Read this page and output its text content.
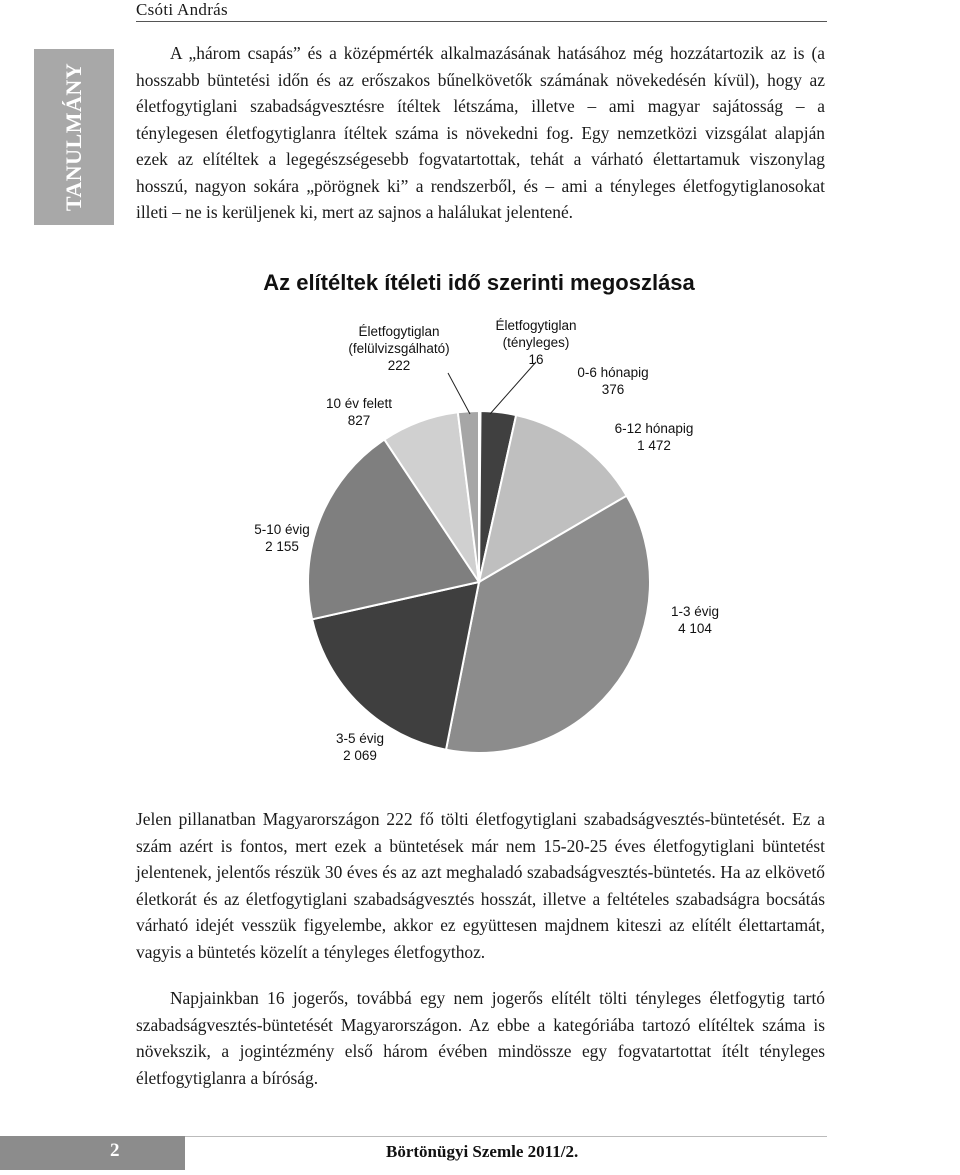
Csóti András
TANULMÁNY

A „három csapás” és a középmérték alkalmazásának hatásához még hozzátartozik az is (a hosszabb büntetési időn és az erőszakos bűnelkövetők számának növekedésén kívül), hogy az életfogytiglani szabadságvesztésre ítéltek létszáma, illetve – ami magyar sajátosság – a ténylegesen életfogytiglanra ítéltek száma is növekedni fog. Egy nemzetközi vizsgálat alapján ezek az elítéltek a legegészségesebb fogvatartottak, tehát a várható élettartamuk viszonylag hosszú, nagyon sokára „pörögnek ki” a rendszerből, és – ami a tényleges életfogytiglanosokat illeti – ne is kerüljenek ki, mert az sajnos a halálukat jelentené.

Az elítéltek ítéleti idő szerinti megoszlása
Életfogytiglan
(tényleges)
16
0-6 hónapig
376
6-12 hónapig
1 472
1-3 évig
4 104
3-5 évig
2 069
5-10 évig
2 155
10 év felett
827
Életfogytiglan
(felülvizsgálható)
222

Jelen pillanatban Magyarországon 222 fő tölti életfogytiglani szabadságvesztés-büntetését. Ez a szám azért is fontos, mert ezek a büntetések már nem 15-20-25 éves életfogytiglani büntetést jelentenek, jelentős részük 30 éves és az azt meghaladó szabadságvesztés-büntetés. Ha az elkövető életkorát és az életfogytiglani szabadságvesztés hosszát, illetve a feltételes szabadságra bocsátás várható idejét vesszük figyelembe, akkor ez együttesen majdnem kiteszi az elítélt élettartamát, vagyis a büntetés közelít a tényleges életfogythoz.

Napjainkban 16 jogerős, továbbá egy nem jogerős elítélt tölti tényleges életfogytig tartó szabadságvesztés-büntetését Magyarországon. Az ebbe a kategóriába tartozó elítéltek száma is növekszik, a jogintézmény első három évében mindössze egy fogvatartottat ítélt tényleges életfogytiglanra a bíróság.

2	Börtönügyi Szemle 2011/2.
